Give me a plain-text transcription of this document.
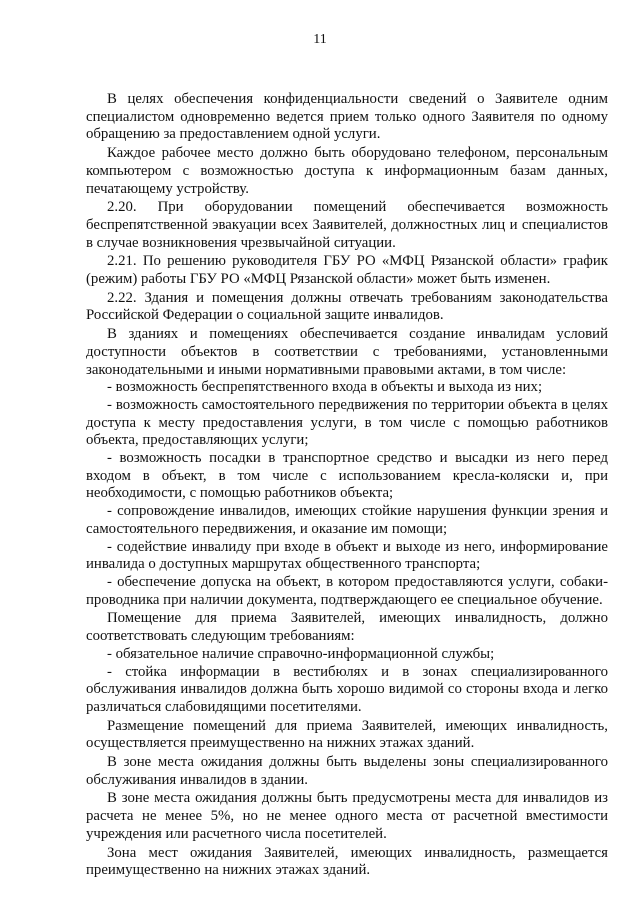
11

В целях обеспечения конфиденциальности сведений о Заявителе одним специалистом одновременно ведется прием только одного Заявителя по одному обращению за предоставлением одной услуги.

Каждое рабочее место должно быть оборудовано телефоном, персональным компьютером с возможностью доступа к информационным базам данных, печатающему устройству.

2.20. При оборудовании помещений обеспечивается возможность беспрепятственной эвакуации всех Заявителей, должностных лиц и специалистов в случае возникновения чрезвычайной ситуации.

2.21. По решению руководителя ГБУ РО «МФЦ Рязанской области» график (режим) работы ГБУ РО «МФЦ Рязанской области» может быть изменен.

2.22. Здания и помещения должны отвечать требованиям законодательства Российской Федерации о социальной защите инвалидов.

В зданиях и помещениях обеспечивается создание инвалидам условий доступности объектов в соответствии с требованиями, установленными законодательными и иными нормативными правовыми актами, в том числе:

- возможность беспрепятственного входа в объекты и выхода из них;

- возможность самостоятельного передвижения по территории объекта в целях доступа к месту предоставления услуги, в том числе с помощью работников объекта, предоставляющих услуги;

- возможность посадки в транспортное средство и высадки из него перед входом в объект, в том числе с использованием кресла-коляски и, при необходимости, с помощью работников объекта;

- сопровождение инвалидов, имеющих стойкие нарушения функции зрения и самостоятельного передвижения, и оказание им помощи;

- содействие инвалиду при входе в объект и выходе из него, информирование инвалида о доступных маршрутах общественного транспорта;

- обеспечение допуска на объект, в котором предоставляются услуги, собаки-проводника при наличии документа, подтверждающего ее специальное обучение.

Помещение для приема Заявителей, имеющих инвалидность, должно соответствовать следующим требованиям:

- обязательное наличие справочно-информационной службы;

- стойка информации в вестибюлях и в зонах специализированного обслуживания инвалидов должна быть хорошо видимой со стороны входа и легко различаться слабовидящими посетителями.

Размещение помещений для приема Заявителей, имеющих инвалидность, осуществляется преимущественно на нижних этажах зданий.

В зоне места ожидания должны быть выделены зоны специализированного обслуживания инвалидов в здании.

В зоне места ожидания должны быть предусмотрены места для инвалидов из расчета не менее 5%, но не менее одного места от расчетной вместимости учреждения или расчетного числа посетителей.

Зона мест ожидания Заявителей, имеющих инвалидность, размещается преимущественно на нижних этажах зданий.
